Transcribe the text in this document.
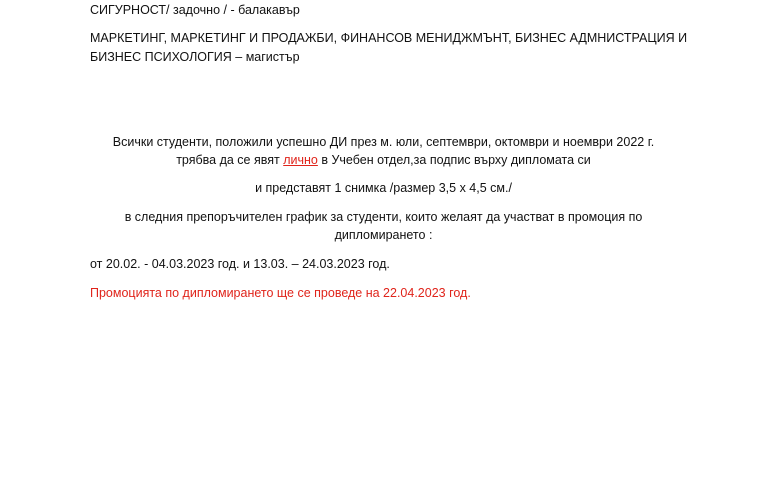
СИГУРНОСТ/ задочно / - балакавър
МАРКЕТИНГ, МАРКЕТИНГ И ПРОДАЖБИ, ФИНАНСОВ МЕНИДЖМЪНТ, БИЗНЕС АДМНИСТРАЦИЯ И
БИЗНЕС ПСИХОЛОГИЯ – магистър
Всички студенти, положили успешно ДИ през м. юли, септември, октомври и ноември 2022 г.
трябва да се явят лично в Учебен отдел,за подпис върху дипломата си
и представят 1 снимка /размер 3,5 х 4,5 см./
в следния препоръчителен график за студенти, които желаят да участват в промоция по
дипломирането :
от 20.02. - 04.03.2023 год. и 13.03. – 24.03.2023 год.
Промоцията по дипломирането ще се проведе на 22.04.2023 год.
